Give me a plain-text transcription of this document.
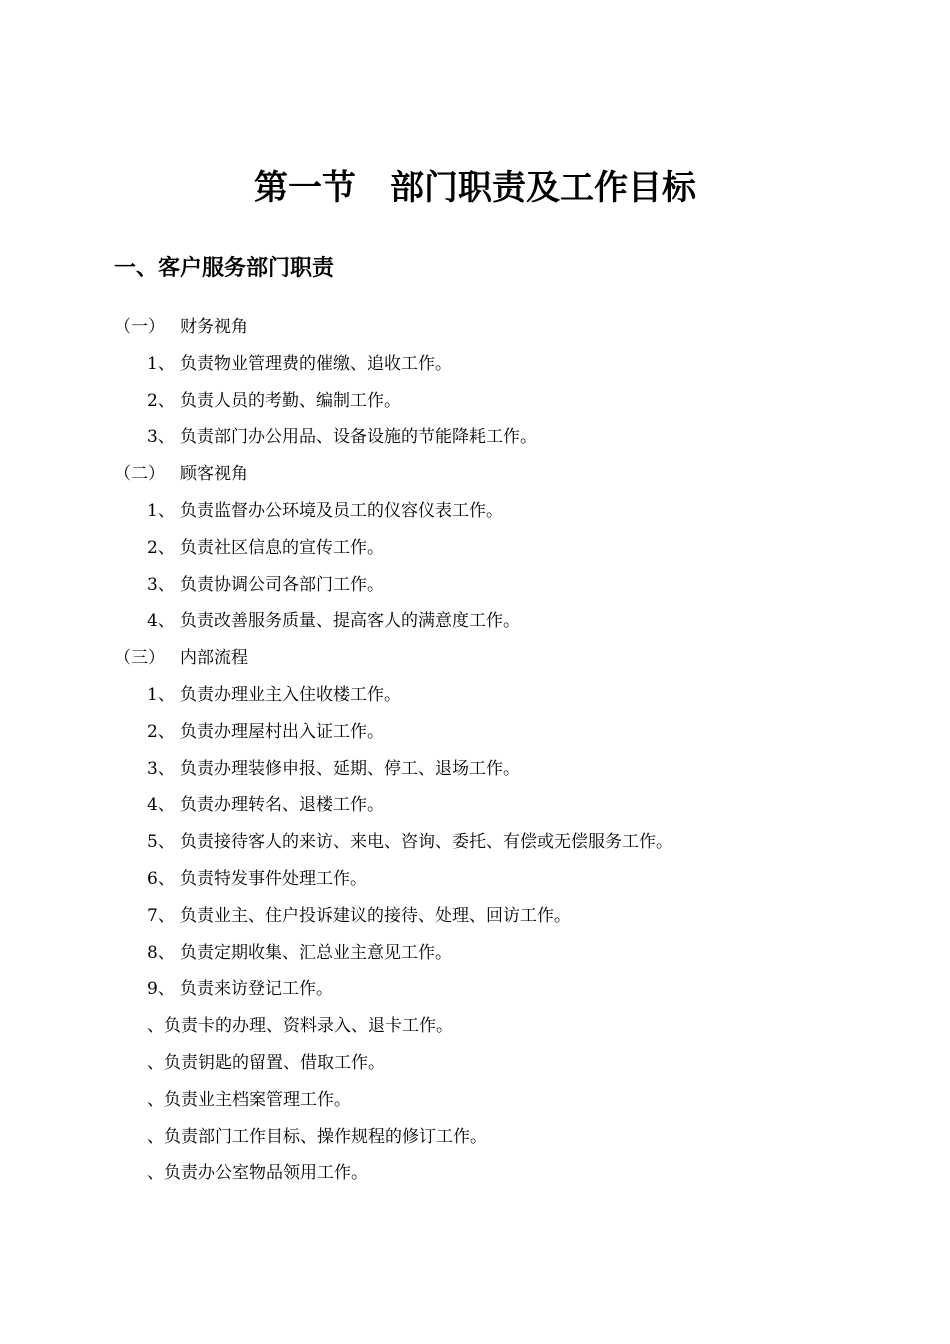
第一节　部门职责及工作目标
一、客户服务部门职责
（一） 财务视角
1、 负责物业管理费的催缴、追收工作。
2、 负责人员的考勤、编制工作。
3、 负责部门办公用品、设备设施的节能降耗工作。
（二） 顾客视角
1、 负责监督办公环境及员工的仪容仪表工作。
2、 负责社区信息的宣传工作。
3、 负责协调公司各部门工作。
4、 负责改善服务质量、提高客人的满意度工作。
（三） 内部流程
1、 负责办理业主入住收楼工作。
2、 负责办理屋村出入证工作。
3、 负责办理装修申报、延期、停工、退场工作。
4、 负责办理转名、退楼工作。
5、 负责接待客人的来访、来电、咨询、委托、有偿或无偿服务工作。
6、 负责特发事件处理工作。
7、 负责业主、住户投诉建议的接待、处理、回访工作。
8、 负责定期收集、汇总业主意见工作。
9、 负责来访登记工作。
、负责卡的办理、资料录入、退卡工作。
、负责钥匙的留置、借取工作。
、负责业主档案管理工作。
、负责部门工作目标、操作规程的修订工作。
、负责办公室物品领用工作。
